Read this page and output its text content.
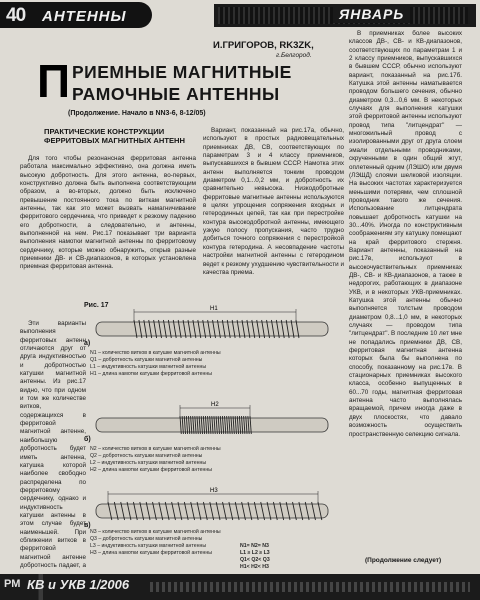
40 АНТЕННЫ	ЯНВАРЬ
И.ГРИГОРОВ, RK3ZK,
г.Белгород.
П РИЕМНЫЕ МАГНИТНЫЕ
РАМОЧНЫЕ АНТЕННЫ
(Продолжение. Начало в NN3-6, 8-12/05)
ПРАКТИЧЕСКИЕ КОНСТРУКЦИИ ФЕРРИТОВЫХ МАГНИТНЫХ АНТЕНН

Для того чтобы резонансная ферритовая антенна работала максимально эффективно, она должна иметь высокую добротность. Для этого антенна, во-первых, конструктивно должна быть выполнена соответствующим образом, а во-вторых, должно быть исключено превышение постоянного тока по виткам магнитной антенны, так как это может вызвать намагничивание ферритового сердечника, что приведет к резкому падению его добротности, а следовательно, и антенны, выполненной на нем. Рис.17 показывает три варианта выполнения намотки магнитной антенны по ферритовому сердечнику, которые можно обнаружить, открыв разные приемники ДВ- и СВ-диапазонов, в которых установлена приемная ферритовая антенна.

Эти варианты выполнения ферритовых антенн отличаются друг от друга индуктивностью и добротностью катушки магнитной антенны. Из рис.17 видно, что при одном и том же количестве витков, содержащихся в ферритовой магнитной антенне, наибольшую добротность будет иметь антенна, катушка которой наиболее свободно распределена по ферритовому сердечнику, однако и индуктивность катушки антенны в этом случае будет наименьшей. При сближении витков в ферритовой магнитной антенне добротность падает, а

Вариант, показанный на рис.17а, обычно, используют в простых радиовещательных приемниках ДВ, СВ, соответствующих по параметрам 3 и 4 классу приемников, выпускавшихся в бывшем СССР. Намотка этих антенн выполняется тонким проводом диаметром 0,1...0,2 мм, и добротность их сравнительно невысока. Низкодобротные ферритовые магнитные антенны используются в целях упрощения сопряжения входных и гетеродинных цепей, так как при перестройке контура высокодобротной антенны, имеющего узкую полосу пропускания, часто трудно добиться точного сопряжения с перестройкой контура гетеродина. А несовпадение частоты настройки магнитной антенны с гетеродином ведет к резкому ухудшению чувствительности и качества приема.

В приемниках более высоких классов ДВ-, СВ- и КВ-диапазонов, соответствующих по параметрам 1 и 2 классу приемников, выпускавшихся в бывшем СССР, обычно используют вариант, показанный на рис.17б. Катушка этой антенны наматывается проводом большего сечения, обычно диаметром 0,3...0,6 мм. В некоторых случаях для выполнения катушки этой ферритовой антенны используют провод типа "литцендрат" — многожильный провод с изолированными друг от друга слоем эмали отдельными проводниками, скрученными в один общий жгут, оплетенный одним (ЛЭШО) или двумя (ЛЭШД) слоями шелковой изоляции. На высоких частотах характеризуется меньшими потерями, чем сплошной проводник такого же сечения. Использование литцендрата повышает добротность катушки на 30...40%. Иногда по конструктивным соображениям эту катушку помещают на край ферритового стержня. Вариант антенны, показанный на рис.17в, используют в высокочувствительных приемниках ДВ-, СВ- и КВ-диапазонов, а также в недорогих, работающих в диапазоне УКВ, и в некоторых УКВ-приемниках. Катушка этой антенны обычно выполняется толстым проводом диаметром 0,8...1,0 мм, в некоторых случаях — проводом типа "литцендрат". В последние 10 лет мне не попадались приемники ДВ, СВ, ферритовая магнитная антенна которых была бы выполнена по способу, показанному на рис.17в. В стационарных приемниках высокого класса, особенно выпущенных в 60...70 годы, магнитная ферритовая антенна часто выполнялась вращаемой, причем иногда даже в двух плоскостях, что давало возможность осуществить пространственную селекцию сигнала.

Рис. 17	H1
H2
H3
а)
N1 – количество витков в катушке магнитной антенны
Q1 – добротность катушки магнитной антенны
L1 – индуктивность катушки магнитной антенны
H1 – длина намотки катушки ферритовой антенны
б)
N2 – количество витков в катушке магнитной антенны
Q2 – добротность катушки магнитной антенны
L2 – индуктивность катушки магнитной антенны
H2 – длина намотки катушки ферритовой антенны
в)
N3 – количество витков в катушке магнитной антенны
Q3 – добротность катушки магнитной антенны
L3 – индуктивность катушки магнитной антенны
H3 – длина намотки катушки ферритовой антенны
N1= N2= N3
L1 ≥ L2 ≥ L3
Q1< Q2< Q3
H1< H2< H3
(Продолжение следует)
РМ КВ и УКВ 1/2006
